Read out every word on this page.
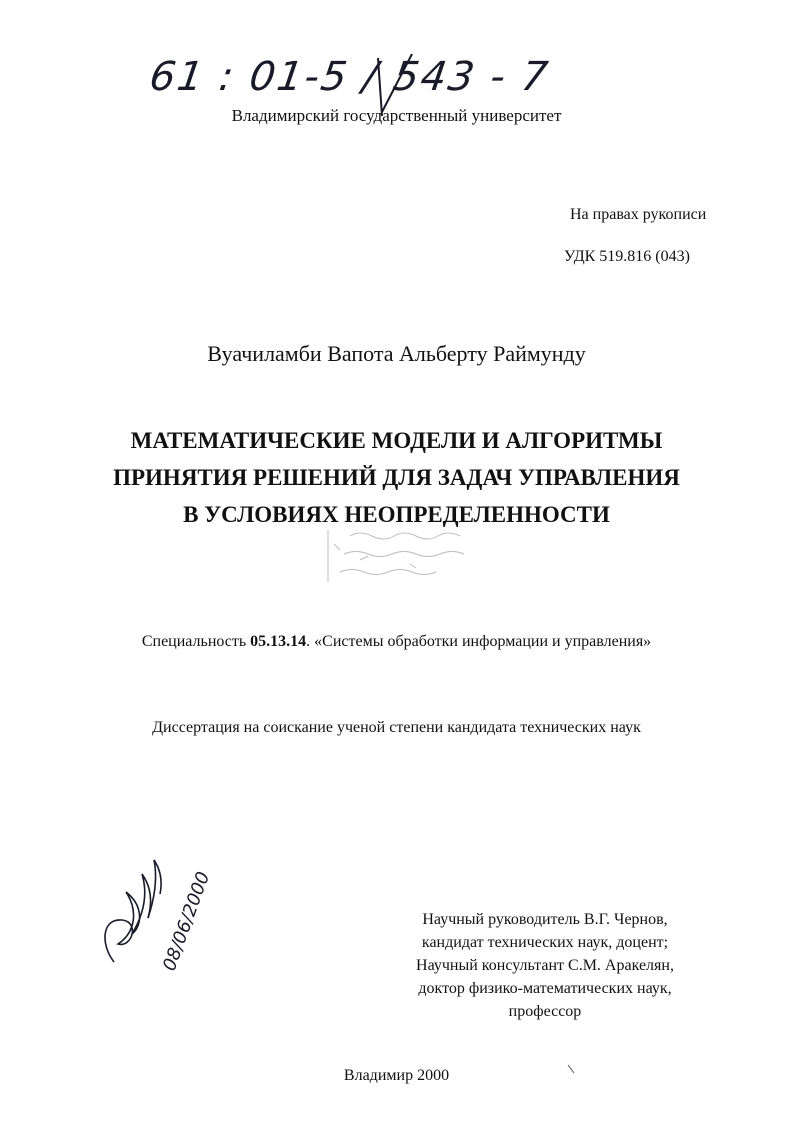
61 : 01-5 / 543 - 7
Владимирский государственный университет
На правах рукописи
УДК 519.816 (043)
Вуачиламби Вапота Альберту Раймунду
МАТЕМАТИЧЕСКИЕ МОДЕЛИ И АЛГОРИТМЫ
ПРИНЯТИЯ РЕШЕНИЙ ДЛЯ ЗАДАЧ УПРАВЛЕНИЯ
В УСЛОВИЯХ НЕОПРЕДЕЛЕННОСТИ
Специальность 05.13.14. «Системы обработки информации и управления»
Диссертация на соискание ученой степени кандидата технических наук
08/06/2000	Научный руководитель В.Г. Чернов,
кандидат технических наук, доцент;
Научный консультант С.М. Аракелян,
доктор физико-математических наук,
профессор
Владимир 2000
